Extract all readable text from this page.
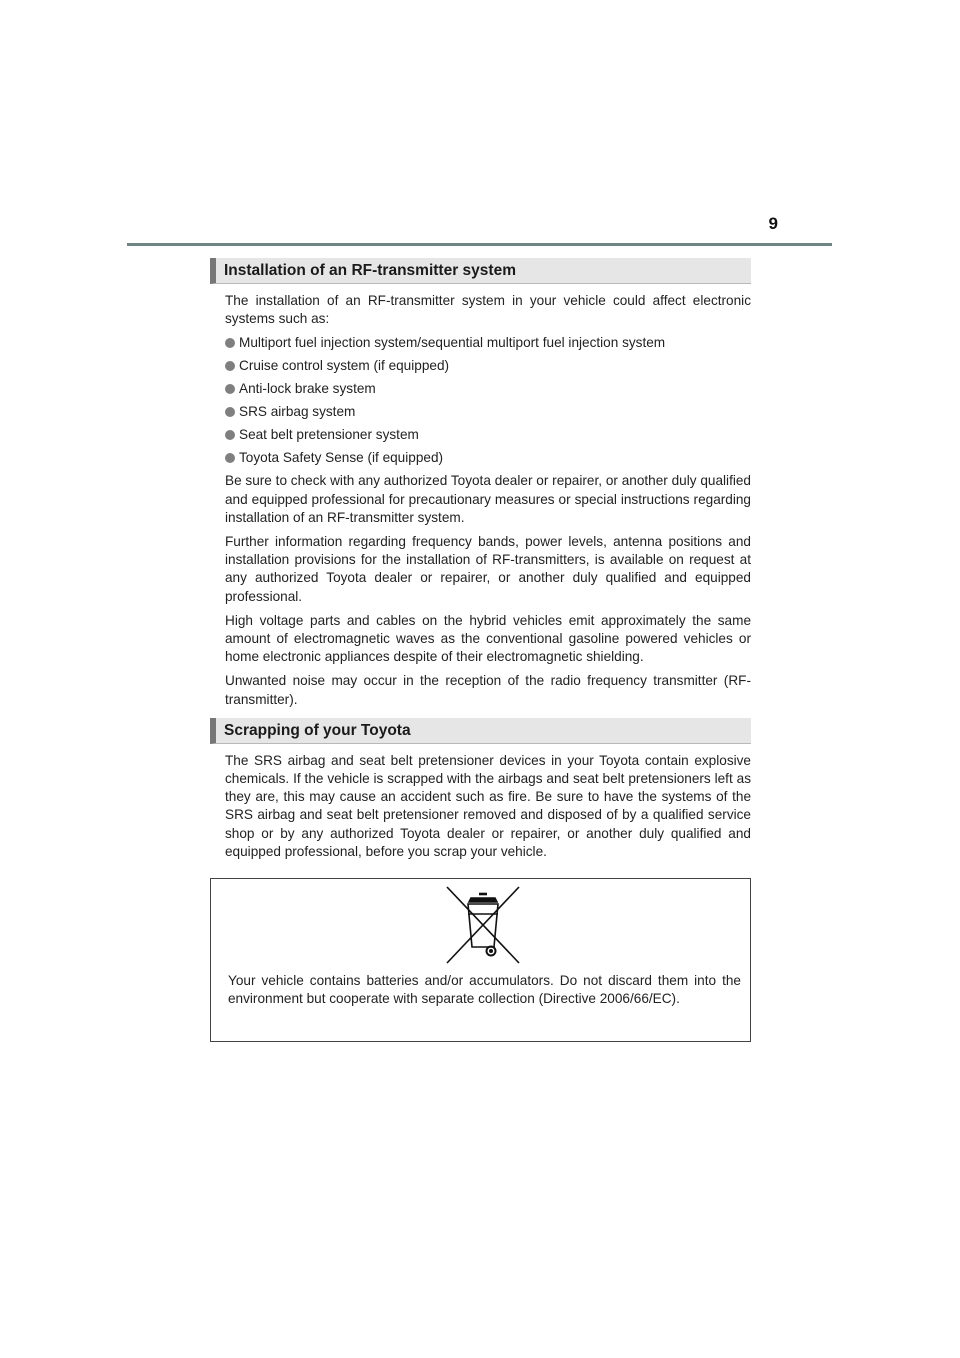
9
Installation of an RF-transmitter system

The installation of an RF-transmitter system in your vehicle could affect electronic systems such as:

Multiport fuel injection system/sequential multiport fuel injection system
Cruise control system (if equipped)
Anti-lock brake system
SRS airbag system
Seat belt pretensioner system
Toyota Safety Sense (if equipped)

Be sure to check with any authorized Toyota dealer or repairer, or another duly qualified and equipped professional for precautionary measures or special instructions regarding installation of an RF-transmitter system.

Further information regarding frequency bands, power levels, antenna positions and installation provisions for the installation of RF-transmitters, is available on request at any authorized Toyota dealer or repairer, or another duly qualified and equipped professional.

High voltage parts and cables on the hybrid vehicles emit approximately the same amount of electromagnetic waves as the conventional gasoline powered vehicles or home electronic appliances despite of their electromagnetic shielding.

Unwanted noise may occur in the reception of the radio frequency transmitter (RF-transmitter).

Scrapping of your Toyota

The SRS airbag and seat belt pretensioner devices in your Toyota contain explosive chemicals. If the vehicle is scrapped with the airbags and seat belt pretensioners left as they are, this may cause an accident such as fire. Be sure to have the systems of the SRS airbag and seat belt pretensioner removed and disposed of by a qualified service shop or by any authorized Toyota dealer or repairer, or another duly qualified and equipped professional, before you scrap your vehicle.

Your vehicle contains batteries and/or accumulators. Do not discard them into the environment but cooperate with separate collection (Directive 2006/66/EC).
